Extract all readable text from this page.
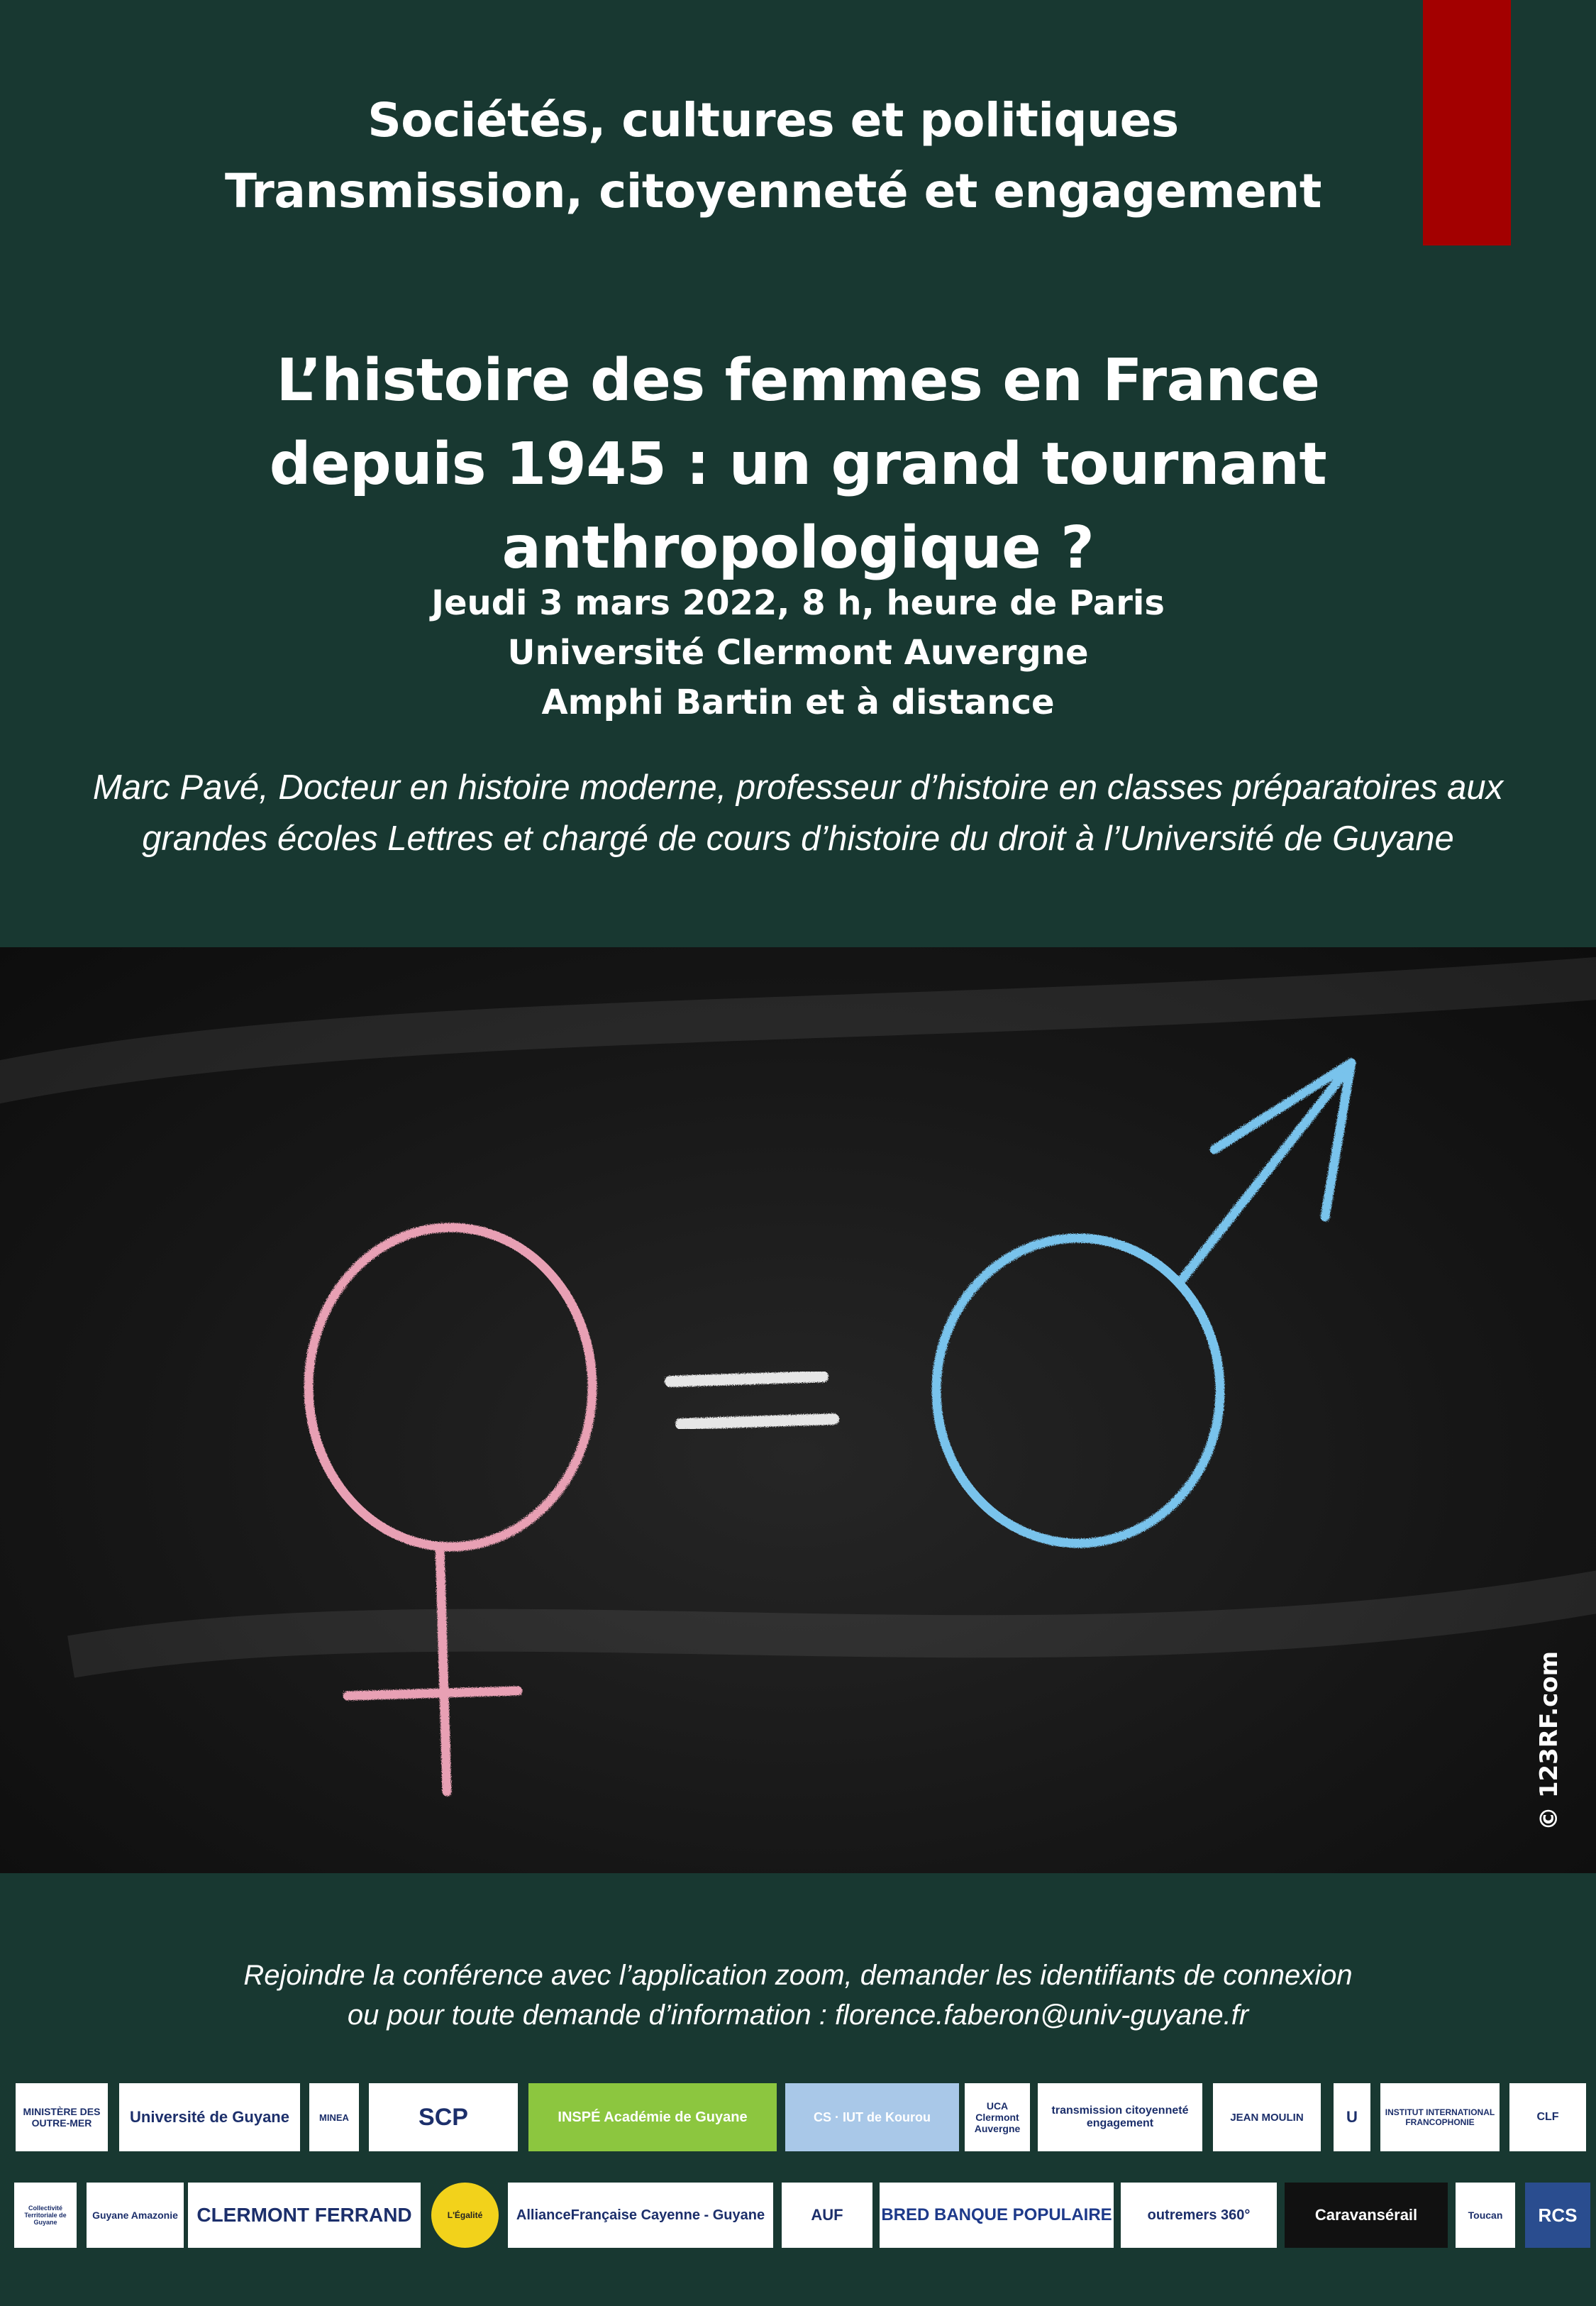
Sociétés, cultures et politiques
Transmission, citoyenneté et engagement
L’histoire des femmes en France
depuis 1945 : un grand tournant anthropologique ?
Jeudi 3 mars 2022, 8 h, heure de Paris
Université Clermont Auvergne
Amphi Bartin et à distance
Marc Pavé, Docteur en histoire moderne, professeur d’histoire en classes préparatoires aux
grandes écoles Lettres et chargé de cours d’histoire du droit à l’Université de Guyane
© 123RF.com
Rejoindre la conférence avec l’application zoom, demander les identifiants de connexion
ou pour toute demande d’information : florence.faberon@univ-guyane.fr
MINISTÈRE DES OUTRE-MER	Université de Guyane	MINEA	SCP	INSPÉ Académie de Guyane	CS · IUT de Kourou
UCA Clermont Auvergne
transmission citoyenneté engagement	JEAN MOULIN	U	INSTITUT INTERNATIONAL FRANCOPHONIE	CLF
Collectivité Territoriale de Guyane
Guyane Amazonie CLERMONT FERRAND	L'Égalité	AllianceFrançaise Cayenne - Guyane	AUF	BRED BANQUE POPULAIRE	outremers 360°	Caravansérail	Toucan	RCS
